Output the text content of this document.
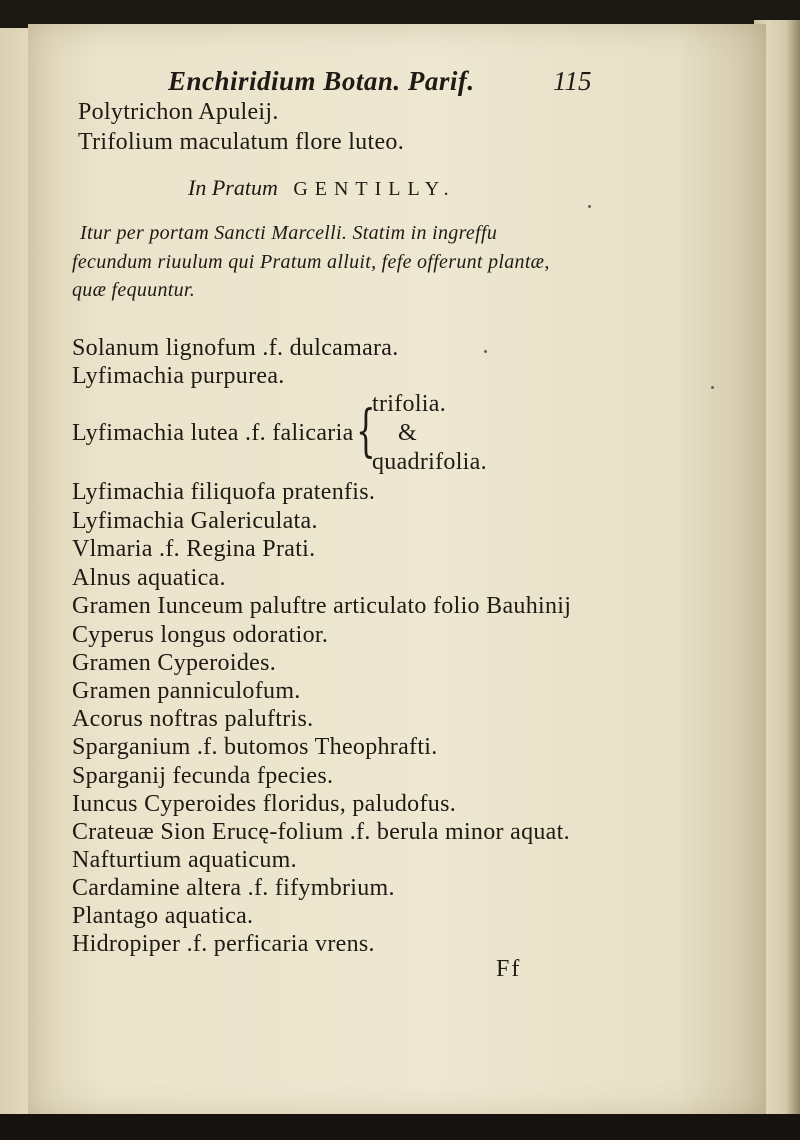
Enchiridium Botan. Parif.	115
Polytrichon Apuleij.
Trifolium maculatum flore luteo.
In Pratum GENTILLY.
Itur per portam Sancti Marcelli. Statim in ingreffu
fecundum riuulum qui Pratum alluit, fefe offerunt plantæ,
quæ fequuntur.
Solanum lignofum .f. dulcamara.
Lyfimachia purpurea.
Lyfimachia lutea .f. falicaria {
trifolia.
&
quadrifolia.
Lyfimachia filiquofa pratenfis.
Lyfimachia Galericulata.
Vlmaria .f. Regina Prati.
Alnus aquatica.
Gramen Iunceum paluftre articulato folio Bauhinij
Cyperus longus odoratior.
Gramen Cyperoides.
Gramen panniculofum.
Acorus noftras paluftris.
Sparganium .f. butomos Theophrafti.
Sparganij fecunda fpecies.
Iuncus Cyperoides floridus, paludofus.
Crateuæ Sion Erucę-folium .f. berula minor aquat.
Nafturtium aquaticum.
Cardamine altera .f. fifymbrium.
Plantago aquatica.
Hidropiper .f. perficaria vrens.
Ff
